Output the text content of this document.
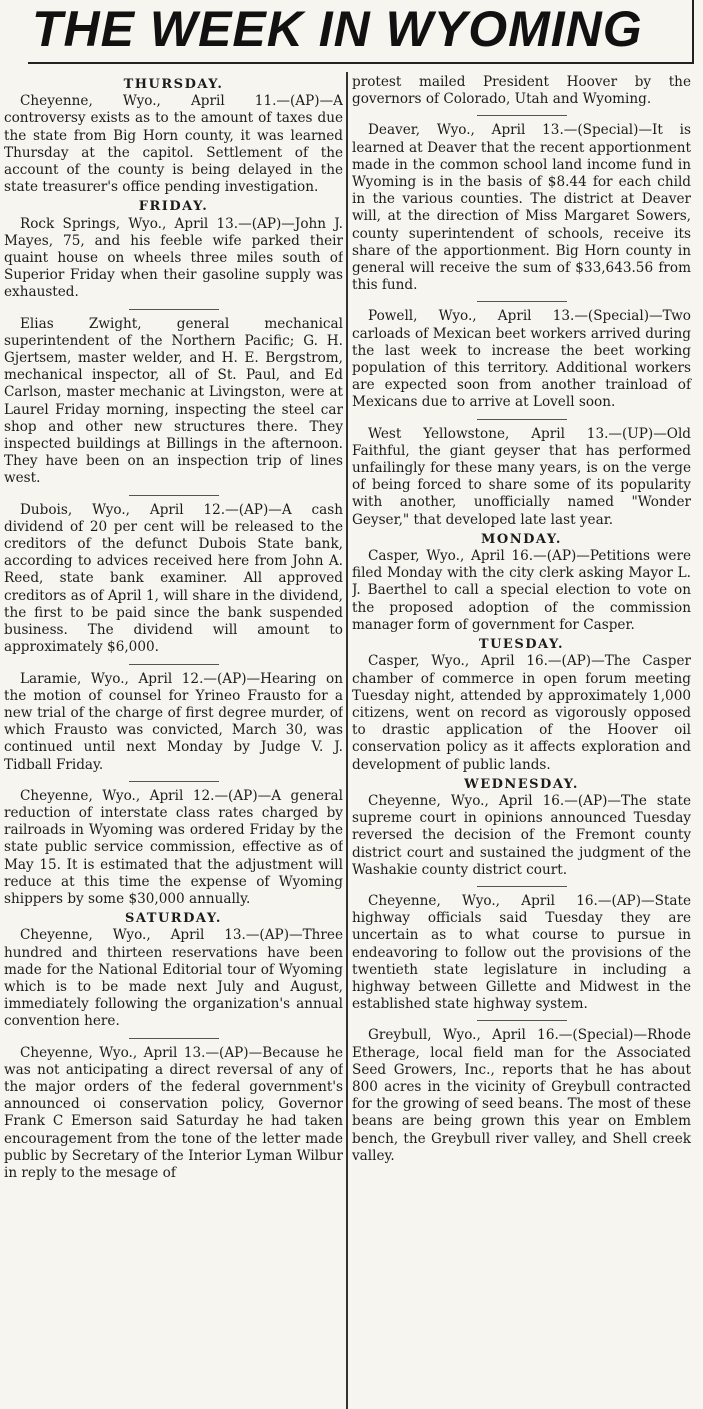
THE WEEK IN WYOMING
THURSDAY.

Cheyenne, Wyo., April 11.—(AP)—A controversy exists as to the amount of taxes due the state from Big Horn county, it was learned Thursday at the capitol. Settlement of the account of the county is being delayed in the state treasurer's office pending investigation.

FRIDAY.

Rock Springs, Wyo., April 13.—(AP)—John J. Mayes, 75, and his feeble wife parked their quaint house on wheels three miles south of Superior Friday when their gasoline supply was exhausted.

Elias Zwight, general mechanical superintendent of the Northern Pacific; G. H. Gjertsem, master welder, and H. E. Bergstrom, mechanical inspector, all of St. Paul, and Ed Carlson, master mechanic at Livingston, were at Laurel Friday morning, inspecting the steel car shop and other new structures there. They inspected buildings at Billings in the afternoon. They have been on an inspection trip of lines west.

Dubois, Wyo., April 12.—(AP)—A cash dividend of 20 per cent will be released to the creditors of the defunct Dubois State bank, according to advices received here from John A. Reed, state bank examiner. All approved creditors as of April 1, will share in the dividend, the first to be paid since the bank suspended business. The dividend will amount to approximately $6,000.

Laramie, Wyo., April 12.—(AP)—Hearing on the motion of counsel for Yrineo Frausto for a new trial of the charge of first degree murder, of which Frausto was convicted, March 30, was continued until next Monday by Judge V. J. Tidball Friday.

Cheyenne, Wyo., April 12.—(AP)—A general reduction of interstate class rates charged by railroads in Wyoming was ordered Friday by the state public service commission, effective as of May 15. It is estimated that the adjustment will reduce at this time the expense of Wyoming shippers by some $30,000 annually.

SATURDAY.

Cheyenne, Wyo., April 13.—(AP)—Three hundred and thirteen reservations have been made for the National Editorial tour of Wyoming which is to be made next July and August, immediately following the organization's annual convention here.

Cheyenne, Wyo., April 13.—(AP)—Because he was not anticipating a direct reversal of any of the major orders of the federal government's announced oi conservation policy, Governor Frank C Emerson said Saturday he had taken encouragement from the tone of the letter made public by Secretary of the Interior Lyman Wilbur in reply to the mesage of

protest mailed President Hoover by the governors of Colorado, Utah and Wyoming.

Deaver, Wyo., April 13.—(Special)—It is learned at Deaver that the recent apportionment made in the common school land income fund in Wyoming is in the basis of $8.44 for each child in the various counties. The district at Deaver will, at the direction of Miss Margaret Sowers, county superintendent of schools, receive its share of the apportionment. Big Horn county in general will receive the sum of $33,643.56 from this fund.

Powell, Wyo., April 13.—(Special)—Two carloads of Mexican beet workers arrived during the last week to increase the beet working population of this territory. Additional workers are expected soon from another trainload of Mexicans due to arrive at Lovell soon.

West Yellowstone, April 13.—(UP)—Old Faithful, the giant geyser that has performed unfailingly for these many years, is on the verge of being forced to share some of its popularity with another, unofficially named "Wonder Geyser," that developed late last year.

MONDAY.

Casper, Wyo., April 16.—(AP)—Petitions were filed Monday with the city clerk asking Mayor L. J. Baerthel to call a special election to vote on the proposed adoption of the commission manager form of government for Casper.

TUESDAY.

Casper, Wyo., April 16.—(AP)—The Casper chamber of commerce in open forum meeting Tuesday night, attended by approximately 1,000 citizens, went on record as vigorously opposed to drastic application of the Hoover oil conservation policy as it affects exploration and development of public lands.

WEDNESDAY.

Cheyenne, Wyo., April 16.—(AP)—The state supreme court in opinions announced Tuesday reversed the decision of the Fremont county district court and sustained the judgment of the Washakie county district court.

Cheyenne, Wyo., April 16.—(AP)—State highway officials said Tuesday they are uncertain as to what course to pursue in endeavoring to follow out the provisions of the twentieth state legislature in including a highway between Gillette and Midwest in the established state highway system.

Greybull, Wyo., April 16.—(Special)—Rhode Etherage, local field man for the Associated Seed Growers, Inc., reports that he has about 800 acres in the vicinity of Greybull contracted for the growing of seed beans. The most of these beans are being grown this year on Emblem bench, the Greybull river valley, and Shell creek valley.
